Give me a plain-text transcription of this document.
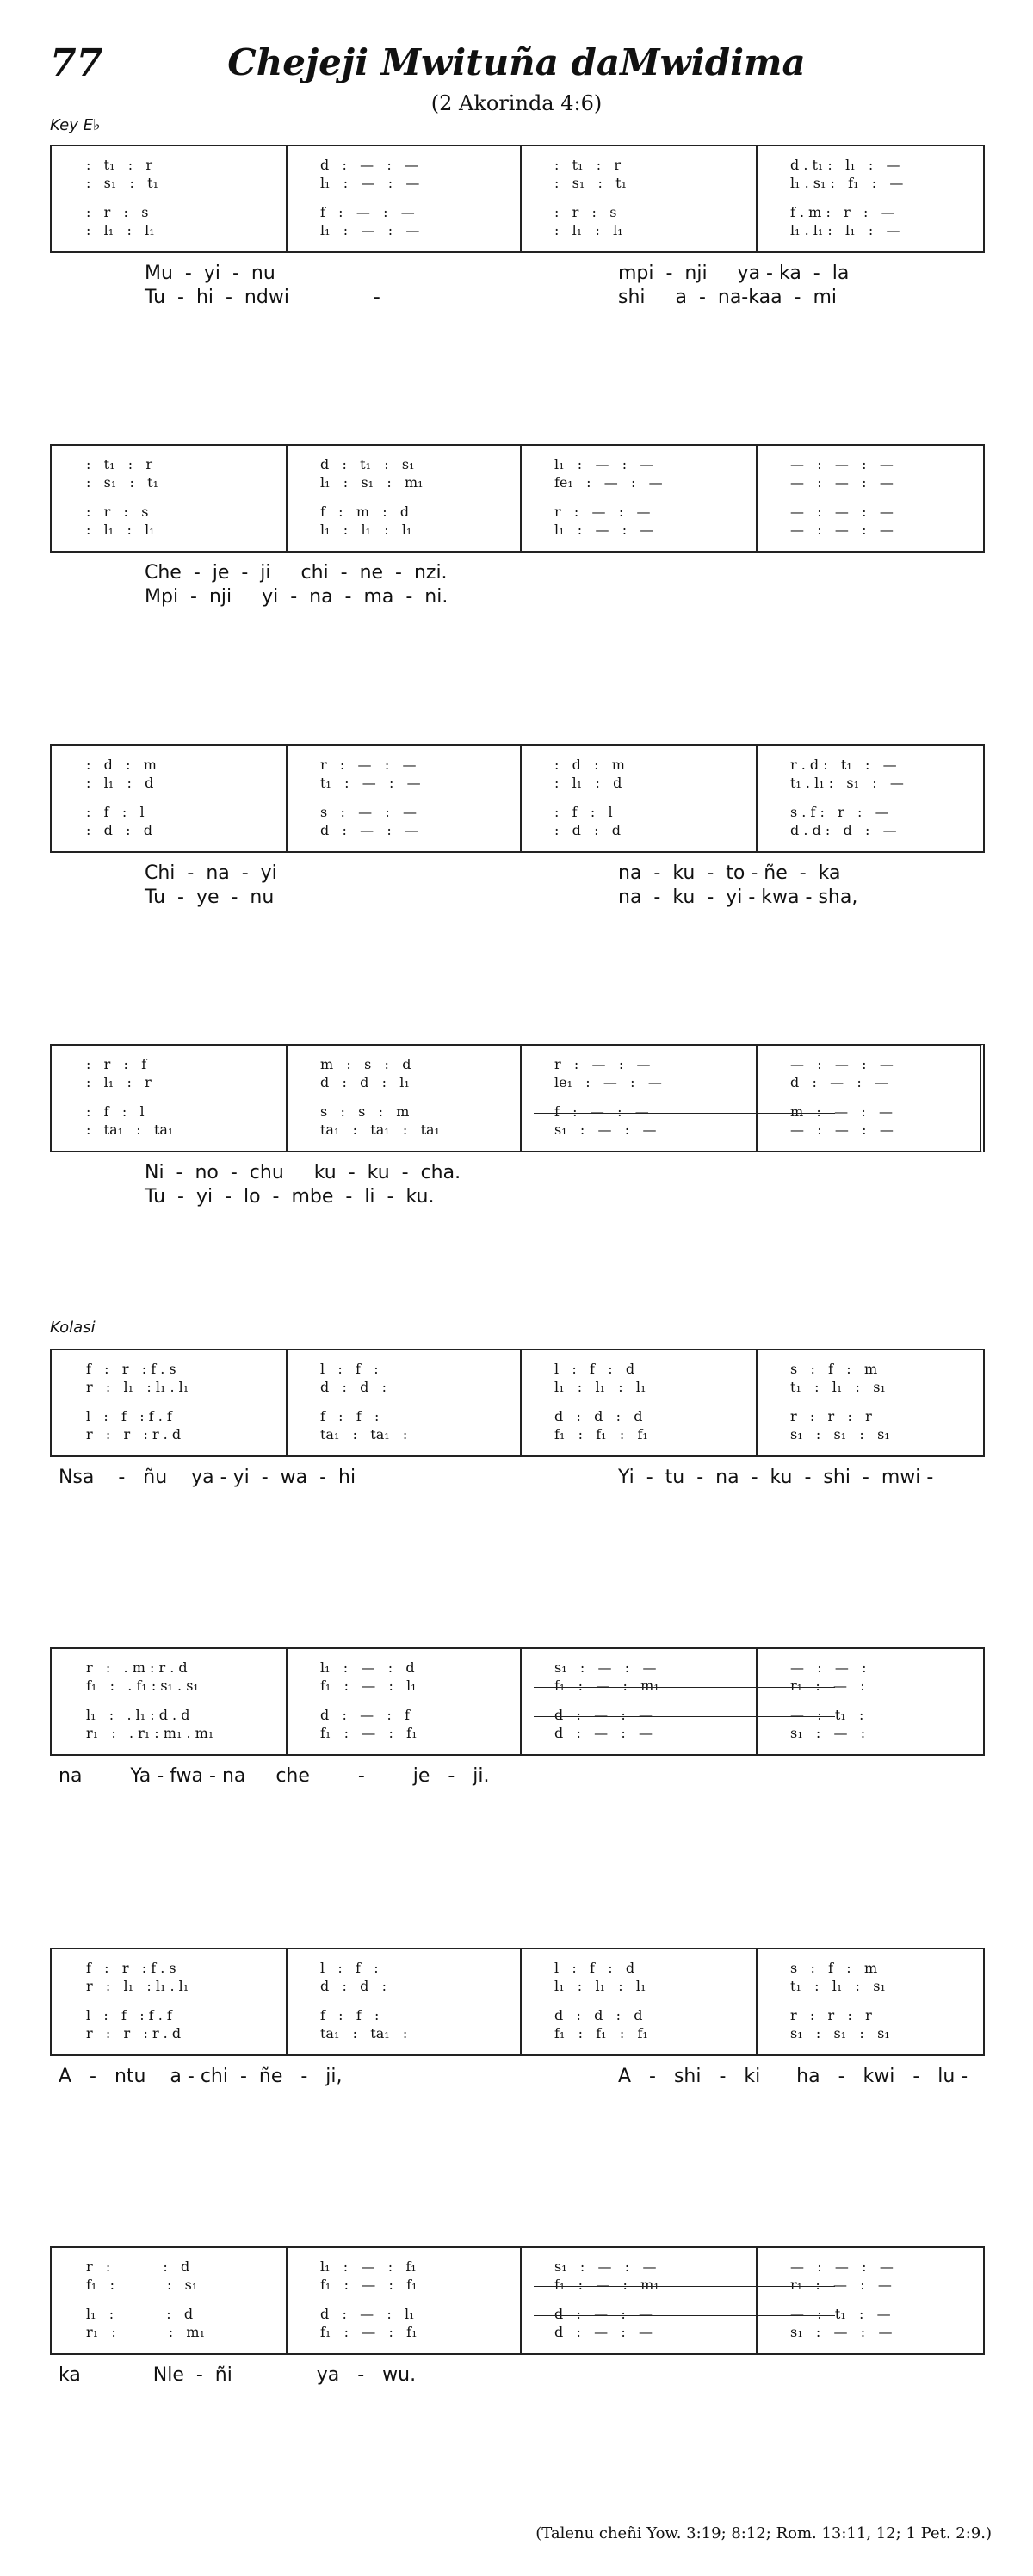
77	Chejeji Mwituña daMwidima
(2 Akorinda 4:6)
Key E♭
Kolasi
(Talenu cheñi Yow. 3:19; 8:12; Rom. 13:11, 12; 1 Pet. 2:9.)
:   t₁   :   r	d   :   —   :   —	:   t₁   :   r	d . t₁ :   l₁   :   —
:   s₁   :   t₁	l₁   :   —   :   —	:   s₁   :   t₁	l₁ . s₁ :   f₁   :   —
:   r   :   s	f   :   —   :   —	:   r   :   s	f . m :   r   :   —
:   l₁   :   l₁	l₁   :   —   :   —	:   l₁   :   l₁	l₁ . l₁ :   l₁   :   —
Mu  -  yi  -  nu	mpi  -  nji     ya - ka  -  la
Tu  -  hi  -  ndwi              -	shi     a  -  na-kaa  -  mi
:   t₁   :   r	d   :   t₁   :   s₁	l₁   :   —   :   —	—   :   —   :   —
:   s₁   :   t₁	l₁   :   s₁   :   m₁	fe₁   :   —   :   —	—   :   —   :   —
:   r   :   s	f   :   m   :   d	r   :   —   :   —	—   :   —   :   —
:   l₁   :   l₁	l₁   :   l₁   :   l₁	l₁   :   —   :   —	—   :   —   :   —
Che  -  je  -  ji     chi  -  ne  -  nzi.
Mpi  -  nji     yi  -  na  -  ma  -  ni.
:   d   :   m	r   :   —   :   —	:   d   :   m	r . d :   t₁   :   —
:   l₁   :   d	t₁   :   —   :   —	:   l₁   :   d	t₁ . l₁ :   s₁   :   —
:   f   :   l	s   :   —   :   —	:   f   :   l	s . f :   r   :   —
:   d   :   d	d   :   —   :   —	:   d   :   d	d . d :   d   :   —
Chi  -  na  -  yi	na  -  ku  -  to - ñe  -  ka
Tu  -  ye  -  nu	na  -  ku  -  yi - kwa - sha,
:   r   :   f	m   :   s   :   d	r   :   —   :   —	—   :   —   :   —
:   l₁   :   r	d   :   d   :   l₁	le₁   :   —   :   —	d   :   —   :   —
:   f   :   l	s   :   s   :   m	f   :   —   :   —	m   :   —   :   —
:   ta₁   :   ta₁	ta₁   :   ta₁   :   ta₁	s₁   :   —   :   —	—   :   —   :   —
Ni  -  no  -  chu     ku  -  ku  -  cha.
Tu  -  yi  -  lo  -  mbe  -  li  -  ku.
f   :   r   : f . s	l   :   f   :	l   :   f   :   d	s   :   f   :   m
r   :   l₁   : l₁ . l₁	d   :   d   :	l₁   :   l₁   :   l₁	t₁   :   l₁   :   s₁
l   :   f   : f . f	f   :   f   :	d   :   d   :   d	r   :   r   :   r
r   :   r   : r . d	ta₁   :   ta₁   :	f₁   :   f₁   :   f₁	s₁   :   s₁   :   s₁
Nsa    -   ñu    ya - yi  -  wa  -  hi	Yi  -  tu  -  na  -  ku  -  shi  -  mwi -
r   :   . m : r . d	l₁   :   —   :   d	s₁   :   —   :   —	—   :   —   :
f₁   :   . f₁ : s₁ . s₁	f₁   :   —   :   l₁	f₁   :   —   :   m₁	r₁   :   —   :
l₁   :   . l₁ : d . d	d   :   —   :   f	d   :   —   :   —	—   :   t₁   :
r₁   :   . r₁ : m₁ . m₁	f₁   :   —   :   f₁	d   :   —   :   —	s₁   :   —   :
na        Ya - fwa - na     che        -        je   -   ji.
f   :   r   : f . s	l   :   f   :	l   :   f   :   d	s   :   f   :   m
r   :   l₁   : l₁ . l₁	d   :   d   :	l₁   :   l₁   :   l₁	t₁   :   l₁   :   s₁
l   :   f   : f . f	f   :   f   :	d   :   d   :   d	r   :   r   :   r
r   :   r   : r . d	ta₁   :   ta₁   :	f₁   :   f₁   :   f₁	s₁   :   s₁   :   s₁
A   -   ntu    a - chi  -  ñe   -   ji,	A   -   shi   -   ki      ha   -   kwi   -   lu -
r   :            :   d	l₁   :   —   :   f₁	s₁   :   —   :   —	—   :   —   :   —
f₁   :            :   s₁	f₁   :   —   :   f₁	f₁   :   —   :   m₁	r₁   :   —   :   —
l₁   :            :   d	d   :   —   :   l₁	d   :   —   :   —	—   :   t₁   :   —
r₁   :            :   m₁	f₁   :   —   :   f₁	d   :   —   :   —	s₁   :   —   :   —
ka            Nle  -  ñi              ya   -   wu.
